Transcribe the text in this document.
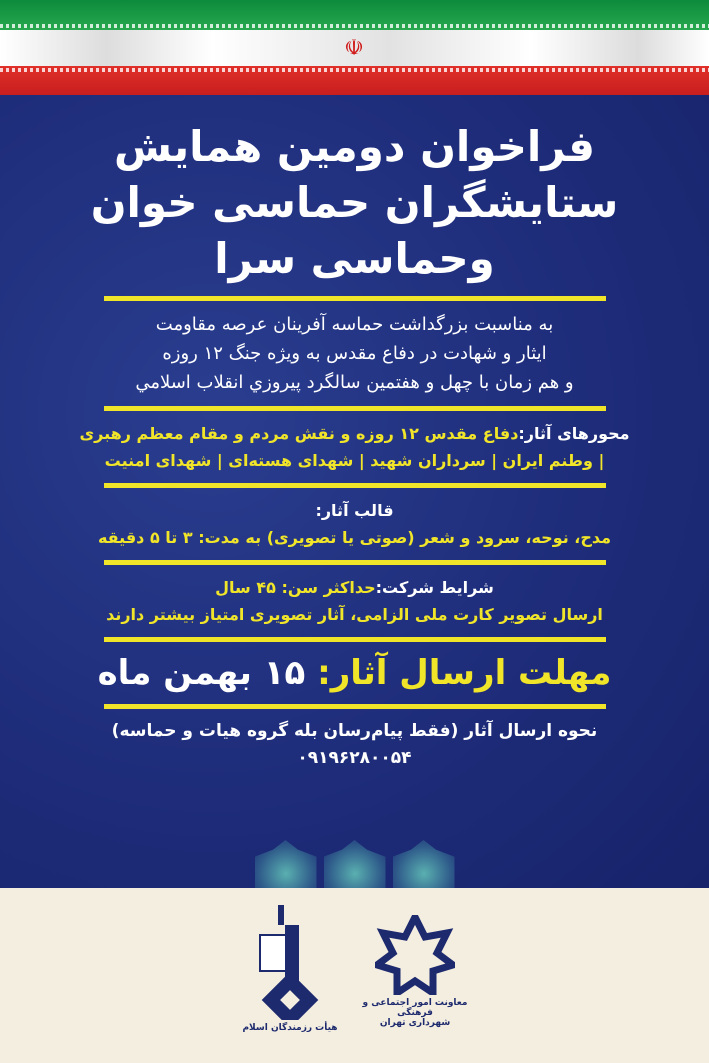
☫
فراخوان دومین همایش
ستایشگران حماسی خوان
وحماسی سرا
به مناسبت بزرگداشت حماسه آفرینان عرصه مقاومت
ایثار و شهادت در دفاع مقدس به ویژه جنگ ۱۲ روزه
و هم زمان با چهل و هفتمین سالگرد پیروزي انقلاب اسلامي
محورهای آثار:دفاع مقدس ۱۲ روزه و نقش مردم و مقام معظم رهبری
| وطنم ایران | سرداران شهید | شهدای هسته‌ای | شهدای امنیت
قالب آثار:
مدح، نوحه، سرود و شعر (صوتی یا تصویری) به مدت: ۳ تا ۵ دقیقه
شرایط شرکت:حداکثر سن: ۴۵ سال
ارسال تصویر کارت ملی الزامی، آثار تصویری امتیاز بیشتر دارند
مهلت ارسال آثار: ۱۵ بهمن ماه
نحوه ارسال آثار (فقط پیام‌رسان بله گروه هیات و حماسه)
۰۹۱۹۶۲۸۰۰۵۴
هیأت رزمندگان اسلام
معاونت امور اجتماعی و فرهنگی
شهرداری تهران
